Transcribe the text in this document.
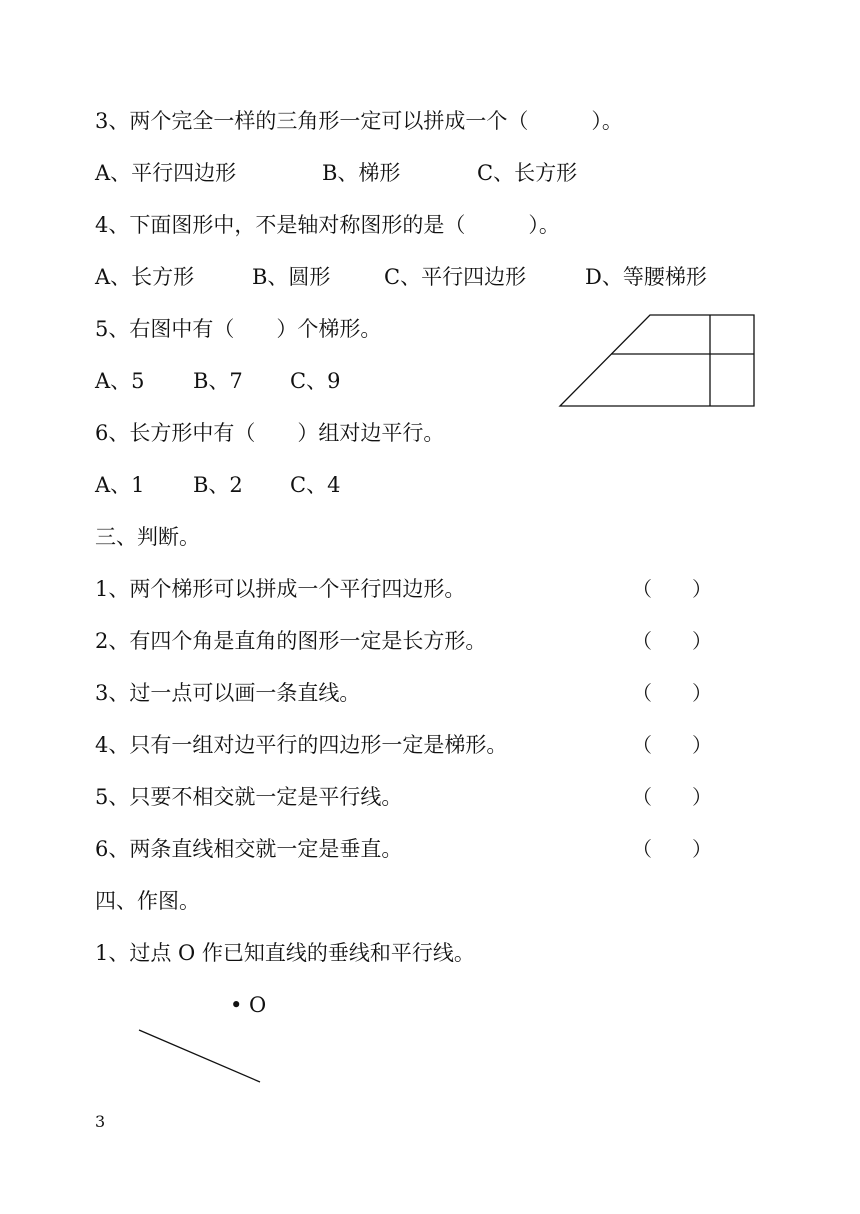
3、两个完全一样的三角形一定可以拼成一个（　　　）。
A、平行四边形	B、梯形	C、长方形
4、下面图形中，不是轴对称图形的是（　　　）。
A、长方形	B、圆形	C、平行四边形	D、等腰梯形
5、右图中有（　　）个梯形。
A、5 B、7 C、9
6、长方形中有（　　）组对边平行。
A、1 B、2 C、4
三、判断。
1、两个梯形可以拼成一个平行四边形。	（　　）
2、有四个角是直角的图形一定是长方形。	（　　）
3、过一点可以画一条直线。	（　　）
4、只有一组对边平行的四边形一定是梯形。	（　　）
5、只要不相交就一定是平行线。	（　　）
6、两条直线相交就一定是垂直。	（　　）
四、作图。
1、过点 O 作已知直线的垂线和平行线。
• O
3
